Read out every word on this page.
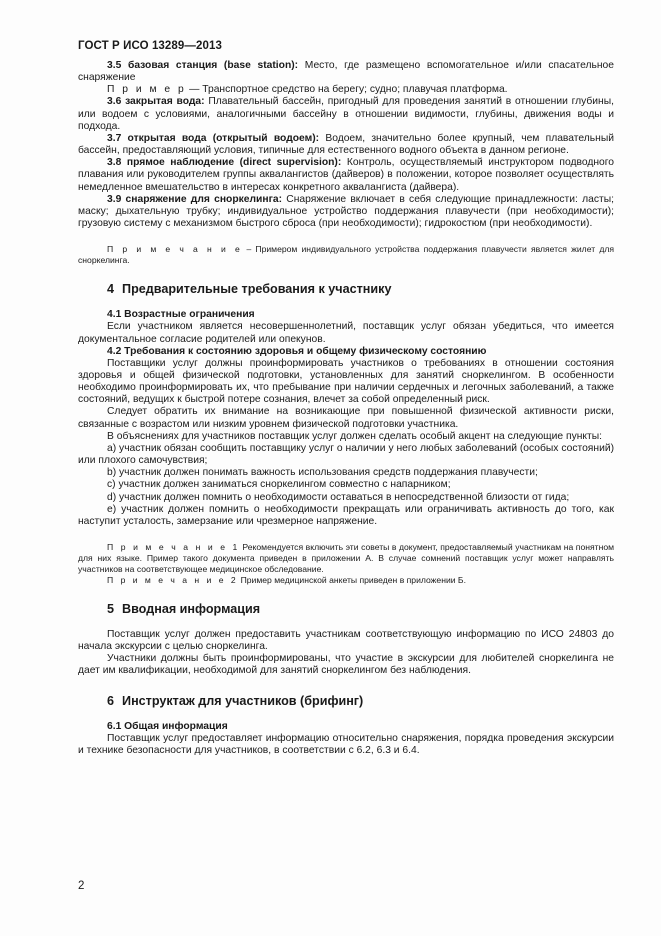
ГОСТ Р ИСО 13289—2013

3.5 базовая станция (base station): Место, где размещено вспомогательное и/или спасательное снаряжение

П р и м е р — Транспортное средство на берегу; судно; плавучая платформа.

3.6 закрытая вода: Плавательный бассейн, пригодный для проведения занятий в отношении глубины, или водоем с условиями, аналогичными бассейну в отношении видимости, глубины, движения воды и подхода.

3.7 открытая вода (открытый водоем): Водоем, значительно более крупный, чем плавательный бассейн, предоставляющий условия, типичные для естественного водного объекта в данном регионе.

3.8 прямое наблюдение (direct supervision): Контроль, осуществляемый инструктором подводного плавания или руководителем группы аквалангистов (дайверов) в положении, которое позволяет осуществлять немедленное вмешательство в интересах конкретного аквалангиста (дайвера).

3.9 снаряжение для сноркелинга: Снаряжение включает в себя следующие принадлежности: ласты; маску; дыхательную трубку; индивидуальное устройство поддержания плавучести (при необходимости); грузовую систему с механизмом быстрого сброса (при необходимости); гидрокостюм (при необходимости).

П р и м е ч а н и е – Примером индивидуального устройства поддержания плавучести является жилет для сноркелинга.

4 Предварительные требования к участнику
4.1 Возрастные ограничения

Если участником является несовершеннолетний, поставщик услуг обязан убедиться, что имеется документальное согласие родителей или опекунов.

4.2 Требования к состоянию здоровья и общему физическому состоянию

Поставщики услуг должны проинформировать участников о требованиях в отношении состояния здоровья и общей физической подготовки, установленных для занятий сноркелингом. В особенности необходимо проинформировать их, что пребывание при наличии сердечных и легочных заболеваний, а также состояний, ведущих к быстрой потере сознания, влечет за собой определенный риск.

Следует обратить их внимание на возникающие при повышенной физической активности риски, связанные с возрастом или низким уровнем физической подготовки участника.

В объяснениях для участников поставщик услуг должен сделать особый акцент на следующие пункты:

а) участник обязан сообщить поставщику услуг о наличии у него любых заболеваний (особых состояний) или плохого самочувствия;

b) участник должен понимать важность использования средств поддержания плавучести;

с) участник должен заниматься сноркелингом совместно с напарником;

d) участник должен помнить о необходимости оставаться в непосредственной близости от гида;

е) участник должен помнить о необходимости прекращать или ограничивать активность до того, как наступит усталость, замерзание или чрезмерное напряжение.

П р и м е ч а н и е 1 Рекомендуется включить эти советы в документ, предоставляемый участникам на понятном для них языке. Пример такого документа приведен в приложении А. В случае сомнений поставщик услуг может направлять участников на соответствующее медицинское обследование.

П р и м е ч а н и е 2 Пример медицинской анкеты приведен в приложении Б.

5 Вводная информация

Поставщик услуг должен предоставить участникам соответствующую информацию по ИСО 24803 до начала экскурсии с целью сноркелинга.

Участники должны быть проинформированы, что участие в экскурсии для любителей сноркелинга не дает им квалификации, необходимой для занятий сноркелингом без наблюдения.

6 Инструктаж для участников (брифинг)
6.1 Общая информация

Поставщик услуг предоставляет информацию относительно снаряжения, порядка проведения экскурсии и технике безопасности для участников, в соответствии с 6.2, 6.3 и 6.4.

2
